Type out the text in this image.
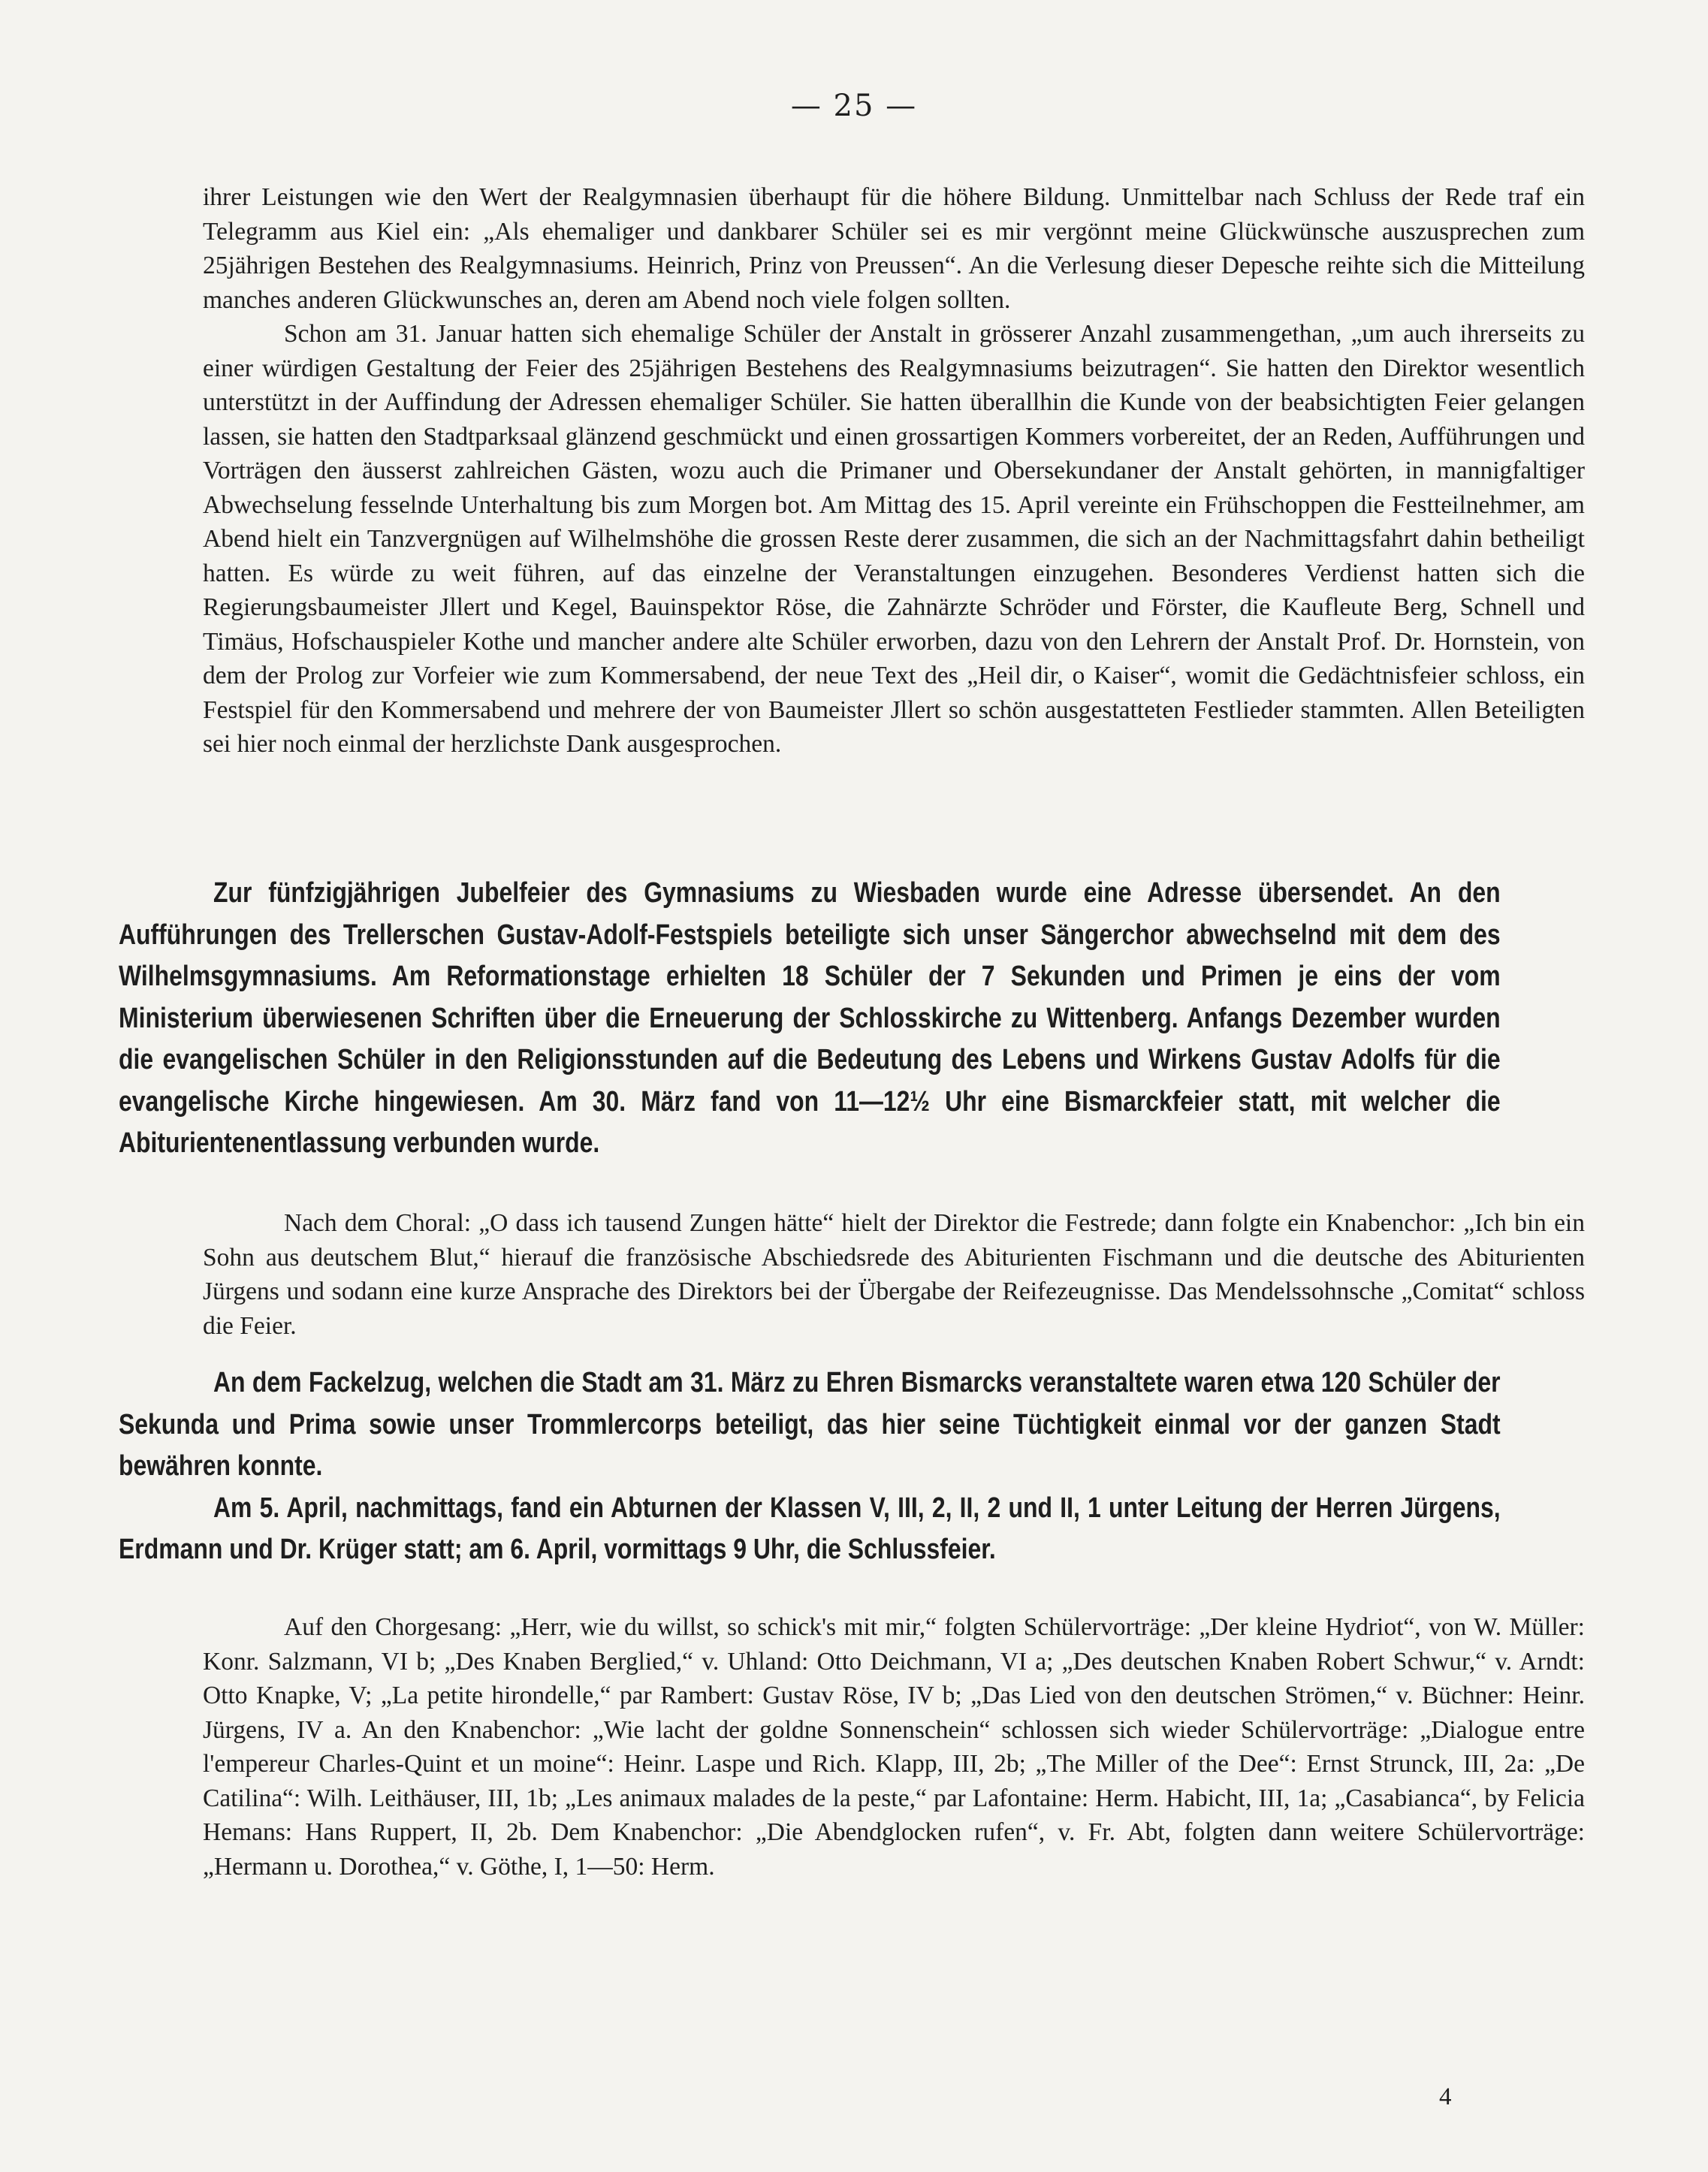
— 25 —

ihrer Leistungen wie den Wert der Realgymnasien überhaupt für die höhere Bildung. Unmittelbar nach Schluss der Rede traf ein Telegramm aus Kiel ein: „Als ehemaliger und dankbarer Schüler sei es mir vergönnt meine Glückwünsche auszusprechen zum 25jährigen Bestehen des Realgymnasiums. Heinrich, Prinz von Preussen“. An die Verlesung dieser Depesche reihte sich die Mitteilung manches anderen Glückwunsches an, deren am Abend noch viele folgen sollten.

Schon am 31. Januar hatten sich ehemalige Schüler der Anstalt in grösserer Anzahl zusammengethan, „um auch ihrerseits zu einer würdigen Gestaltung der Feier des 25jährigen Bestehens des Realgymnasiums beizutragen“. Sie hatten den Direktor wesentlich unterstützt in der Auffindung der Adressen ehemaliger Schüler. Sie hatten überallhin die Kunde von der beabsichtigten Feier gelangen lassen, sie hatten den Stadtparksaal glänzend geschmückt und einen grossartigen Kommers vorbereitet, der an Reden, Aufführungen und Vorträgen den äusserst zahlreichen Gästen, wozu auch die Primaner und Obersekundaner der Anstalt gehörten, in mannigfaltiger Abwechselung fesselnde Unterhaltung bis zum Morgen bot. Am Mittag des 15. April vereinte ein Frühschoppen die Festteilnehmer, am Abend hielt ein Tanzvergnügen auf Wilhelmshöhe die grossen Reste derer zusammen, die sich an der Nachmittagsfahrt dahin betheiligt hatten. Es würde zu weit führen, auf das einzelne der Veranstaltungen einzugehen. Besonderes Verdienst hatten sich die Regierungsbaumeister Jllert und Kegel, Bauinspektor Röse, die Zahnärzte Schröder und Förster, die Kaufleute Berg, Schnell und Timäus, Hofschauspieler Kothe und mancher andere alte Schüler erworben, dazu von den Lehrern der Anstalt Prof. Dr. Hornstein, von dem der Prolog zur Vorfeier wie zum Kommersabend, der neue Text des „Heil dir, o Kaiser“, womit die Gedächtnisfeier schloss, ein Festspiel für den Kommersabend und mehrere der von Baumeister Jllert so schön ausgestatteten Festlieder stammten. Allen Beteiligten sei hier noch einmal der herzlichste Dank ausgesprochen.

Zur fünfzigjährigen Jubelfeier des Gymnasiums zu Wiesbaden wurde eine Adresse übersendet. An den Aufführungen des Trellerschen Gustav-Adolf-Festspiels beteiligte sich unser Sängerchor abwechselnd mit dem des Wilhelmsgymnasiums. Am Reformationstage erhielten 18 Schüler der 7 Sekunden und Primen je eins der vom Ministerium überwiesenen Schriften über die Erneuerung der Schlosskirche zu Wittenberg. Anfangs Dezember wurden die evangelischen Schüler in den Religionsstunden auf die Bedeutung des Lebens und Wirkens Gustav Adolfs für die evangelische Kirche hingewiesen. Am 30. März fand von 11—12½ Uhr eine Bismarckfeier statt, mit welcher die Abiturientenentlassung verbunden wurde.

Nach dem Choral: „O dass ich tausend Zungen hätte“ hielt der Direktor die Festrede; dann folgte ein Knabenchor: „Ich bin ein Sohn aus deutschem Blut,“ hierauf die französische Abschiedsrede des Abiturienten Fischmann und die deutsche des Abiturienten Jürgens und sodann eine kurze Ansprache des Direktors bei der Übergabe der Reifezeugnisse. Das Mendelssohnsche „Comitat“ schloss die Feier.

An dem Fackelzug, welchen die Stadt am 31. März zu Ehren Bismarcks veranstaltete waren etwa 120 Schüler der Sekunda und Prima sowie unser Trommlercorps beteiligt, das hier seine Tüchtigkeit einmal vor der ganzen Stadt bewähren konnte.

Am 5. April, nachmittags, fand ein Abturnen der Klassen V, III, 2, II, 2 und II, 1 unter Leitung der Herren Jürgens, Erdmann und Dr. Krüger statt; am 6. April, vormittags 9 Uhr, die Schlussfeier.

Auf den Chorgesang: „Herr, wie du willst, so schick's mit mir,“ folgten Schülervorträge: „Der kleine Hydriot“, von W. Müller: Konr. Salzmann, VI b; „Des Knaben Berglied,“ v. Uhland: Otto Deichmann, VI a; „Des deutschen Knaben Robert Schwur,“ v. Arndt: Otto Knapke, V; „La petite hirondelle,“ par Rambert: Gustav Röse, IV b; „Das Lied von den deutschen Strömen,“ v. Büchner: Heinr. Jürgens, IV a. An den Knabenchor: „Wie lacht der goldne Sonnenschein“ schlossen sich wieder Schülervorträge: „Dialogue entre l'empereur Charles-Quint et un moine“: Heinr. Laspe und Rich. Klapp, III, 2b; „The Miller of the Dee“: Ernst Strunck, III, 2a: „De Catilina“: Wilh. Leithäuser, III, 1b; „Les animaux malades de la peste,“ par Lafontaine: Herm. Habicht, III, 1a; „Casabianca“, by Felicia Hemans: Hans Ruppert, II, 2b. Dem Knabenchor: „Die Abendglocken rufen“, v. Fr. Abt, folgten dann weitere Schülervorträge: „Hermann u. Dorothea,“ v. Göthe, I, 1—50: Herm.

4
